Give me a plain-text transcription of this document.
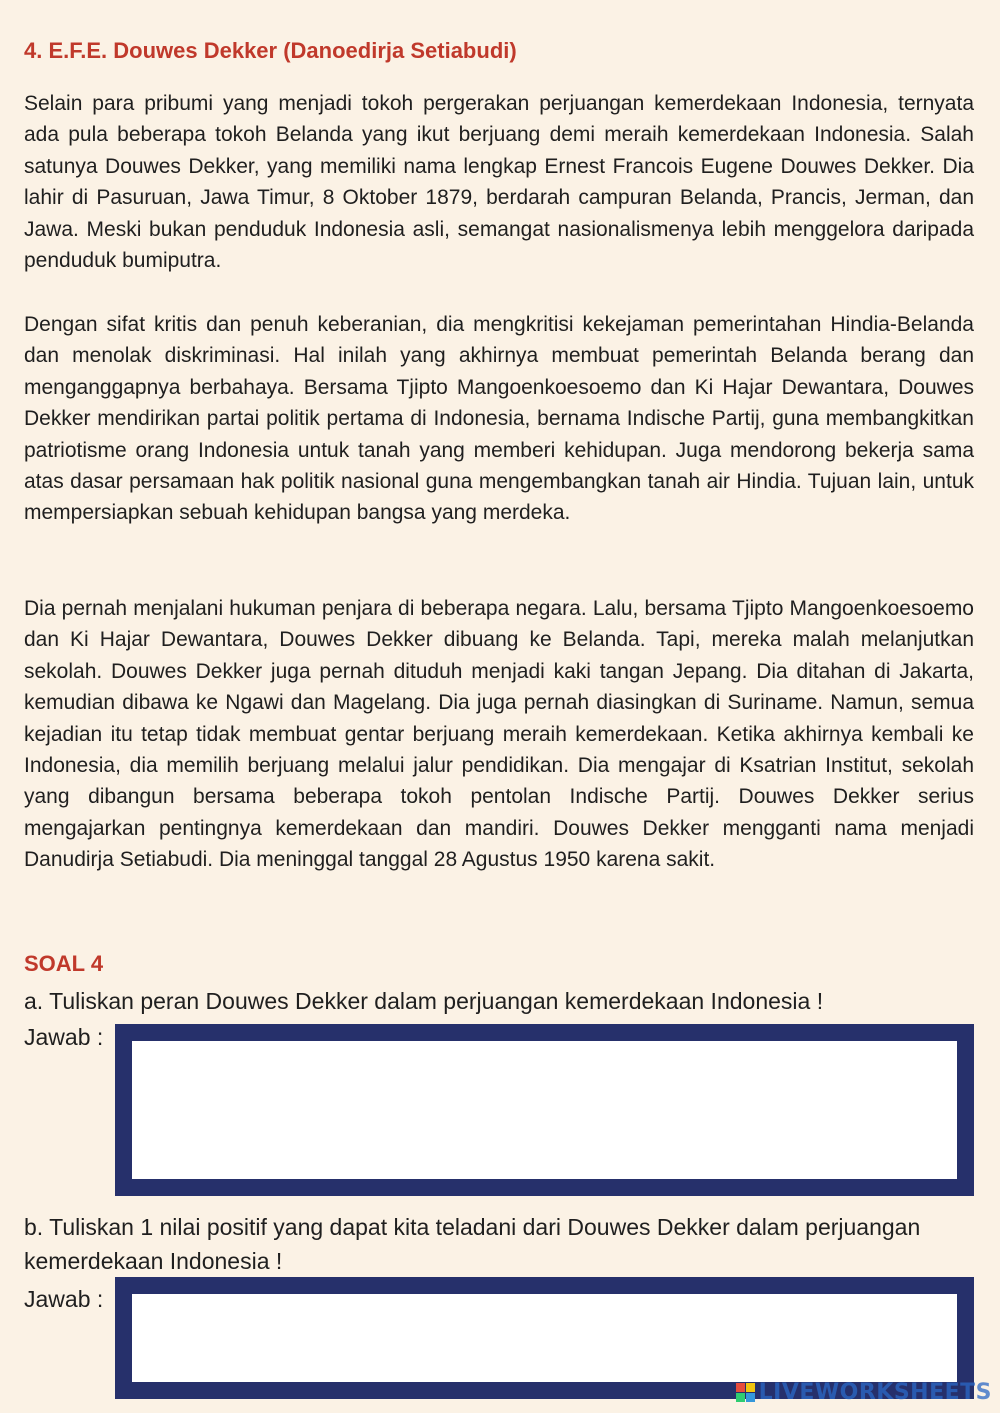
4. E.F.E. Douwes Dekker (Danoedirja Setiabudi)

Selain para pribumi yang menjadi tokoh pergerakan perjuangan kemerdekaan Indonesia, ternyata ada pula beberapa tokoh Belanda yang ikut berjuang demi meraih kemerdekaan Indonesia. Salah satunya Douwes Dekker, yang memiliki nama lengkap Ernest Francois Eugene Douwes Dekker. Dia lahir di Pasuruan, Jawa Timur, 8 Oktober 1879, berdarah campuran Belanda, Prancis, Jerman, dan Jawa. Meski bukan penduduk Indonesia asli, semangat nasionalismenya lebih menggelora daripada penduduk bumiputra.

Dengan sifat kritis dan penuh keberanian, dia mengkritisi kekejaman pemerintahan Hindia-Belanda dan menolak diskriminasi. Hal inilah yang akhirnya membuat pemerintah Belanda berang dan menganggapnya berbahaya. Bersama Tjipto Mangoenkoesoemo dan Ki Hajar Dewantara, Douwes Dekker mendirikan partai politik pertama di Indonesia, bernama Indische Partij, guna membangkitkan patriotisme orang Indonesia untuk tanah yang memberi kehidupan. Juga mendorong bekerja sama atas dasar persamaan hak politik nasional guna mengembangkan tanah air Hindia. Tujuan lain, untuk mempersiapkan sebuah kehidupan bangsa yang merdeka.

Dia pernah menjalani hukuman penjara di beberapa negara. Lalu, bersama Tjipto Mangoenkoesoemo dan Ki Hajar Dewantara, Douwes Dekker dibuang ke Belanda. Tapi, mereka malah melanjutkan sekolah. Douwes Dekker juga pernah dituduh menjadi kaki tangan Jepang. Dia ditahan di Jakarta, kemudian dibawa ke Ngawi dan Magelang. Dia juga pernah diasingkan di Suriname. Namun, semua kejadian itu tetap tidak membuat gentar berjuang meraih kemerdekaan. Ketika akhirnya kembali ke Indonesia, dia memilih berjuang melalui jalur pendidikan. Dia mengajar di Ksatrian Institut, sekolah yang dibangun bersama beberapa tokoh pentolan Indische Partij. Douwes Dekker serius mengajarkan pentingnya kemerdekaan dan mandiri. Douwes Dekker mengganti nama menjadi Danudirja Setiabudi. Dia meninggal tanggal 28 Agustus 1950 karena sakit.

SOAL 4

a. Tuliskan peran Douwes Dekker dalam perjuangan kemerdekaan Indonesia !

Jawab :

b. Tuliskan 1 nilai positif yang dapat kita teladani dari Douwes Dekker dalam perjuangan kemerdekaan Indonesia !

Jawab :

LIVEWORKSHEETS
